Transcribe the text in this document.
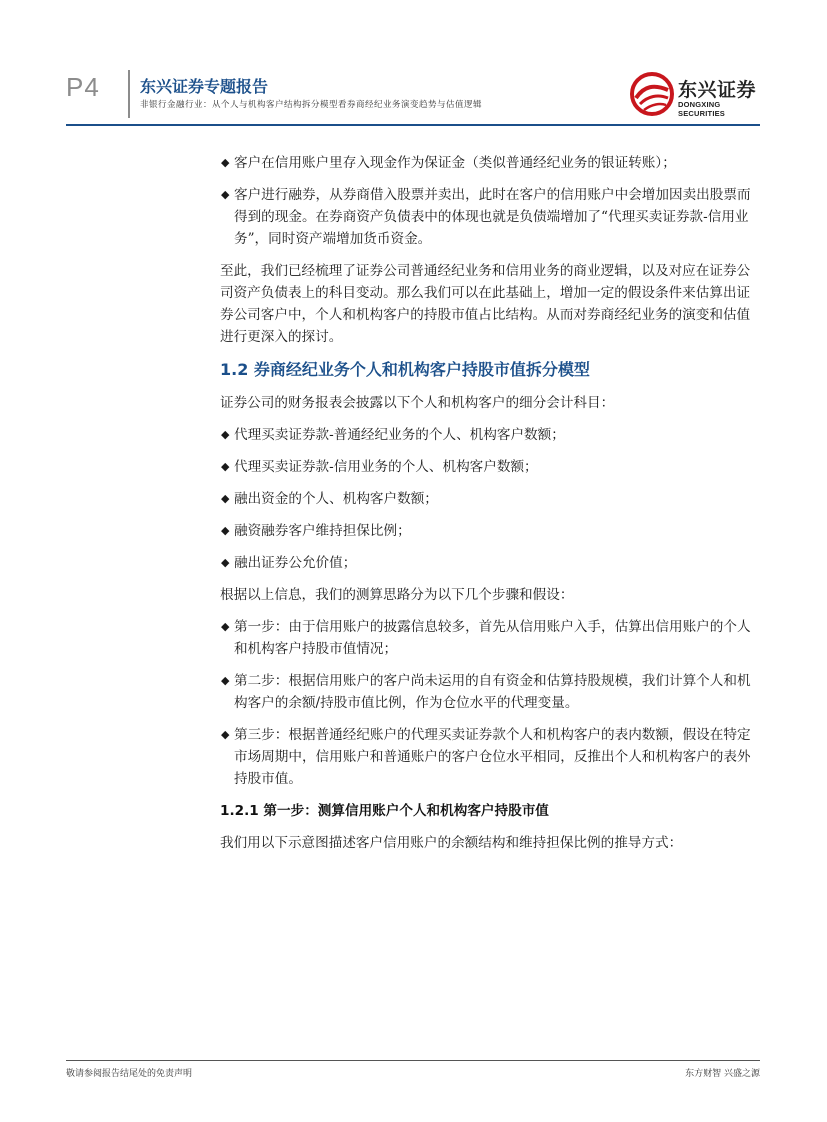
P4	东兴证券专题报告
非银行金融行业：从个人与机构客户结构拆分模型看券商经纪业务演变趋势与估值逻辑
东兴证券
DONGXING SECURITIES
◆ 客户在信用账户里存入现金作为保证金（类似普通经纪业务的银证转账）；
◆ 客户进行融券，从券商借入股票并卖出，此时在客户的信用账户中会增加因卖出股票而得到的现金。在券商资产负债表中的体现也就是负债端增加了“代理买卖证券款-信用业务”，同时资产端增加货币资金。

至此，我们已经梳理了证券公司普通经纪业务和信用业务的商业逻辑，以及对应在证券公司资产负债表上的科目变动。那么我们可以在此基础上，增加一定的假设条件来估算出证券公司客户中，个人和机构客户的持股市值占比结构。从而对券商经纪业务的演变和估值进行更深入的探讨。

1.2 券商经纪业务个人和机构客户持股市值拆分模型

证券公司的财务报表会披露以下个人和机构客户的细分会计科目：

◆ 代理买卖证券款-普通经纪业务的个人、机构客户数额；
◆ 代理买卖证券款-信用业务的个人、机构客户数额；
◆ 融出资金的个人、机构客户数额；
◆ 融资融券客户维持担保比例；
◆ 融出证券公允价值；

根据以上信息，我们的测算思路分为以下几个步骤和假设：

◆ 第一步：由于信用账户的披露信息较多，首先从信用账户入手，估算出信用账户的个人和机构客户持股市值情况；
◆ 第二步：根据信用账户的客户尚未运用的自有资金和估算持股规模，我们计算个人和机构客户的余额/持股市值比例，作为仓位水平的代理变量。
◆ 第三步：根据普通经纪账户的代理买卖证券款个人和机构客户的表内数额，假设在特定市场周期中，信用账户和普通账户的客户仓位水平相同，反推出个人和机构客户的表外持股市值。
1.2.1 第一步：测算信用账户个人和机构客户持股市值

我们用以下示意图描述客户信用账户的余额结构和维持担保比例的推导方式：

敬请参阅报告结尾处的免责声明	东方财智 兴盛之源
